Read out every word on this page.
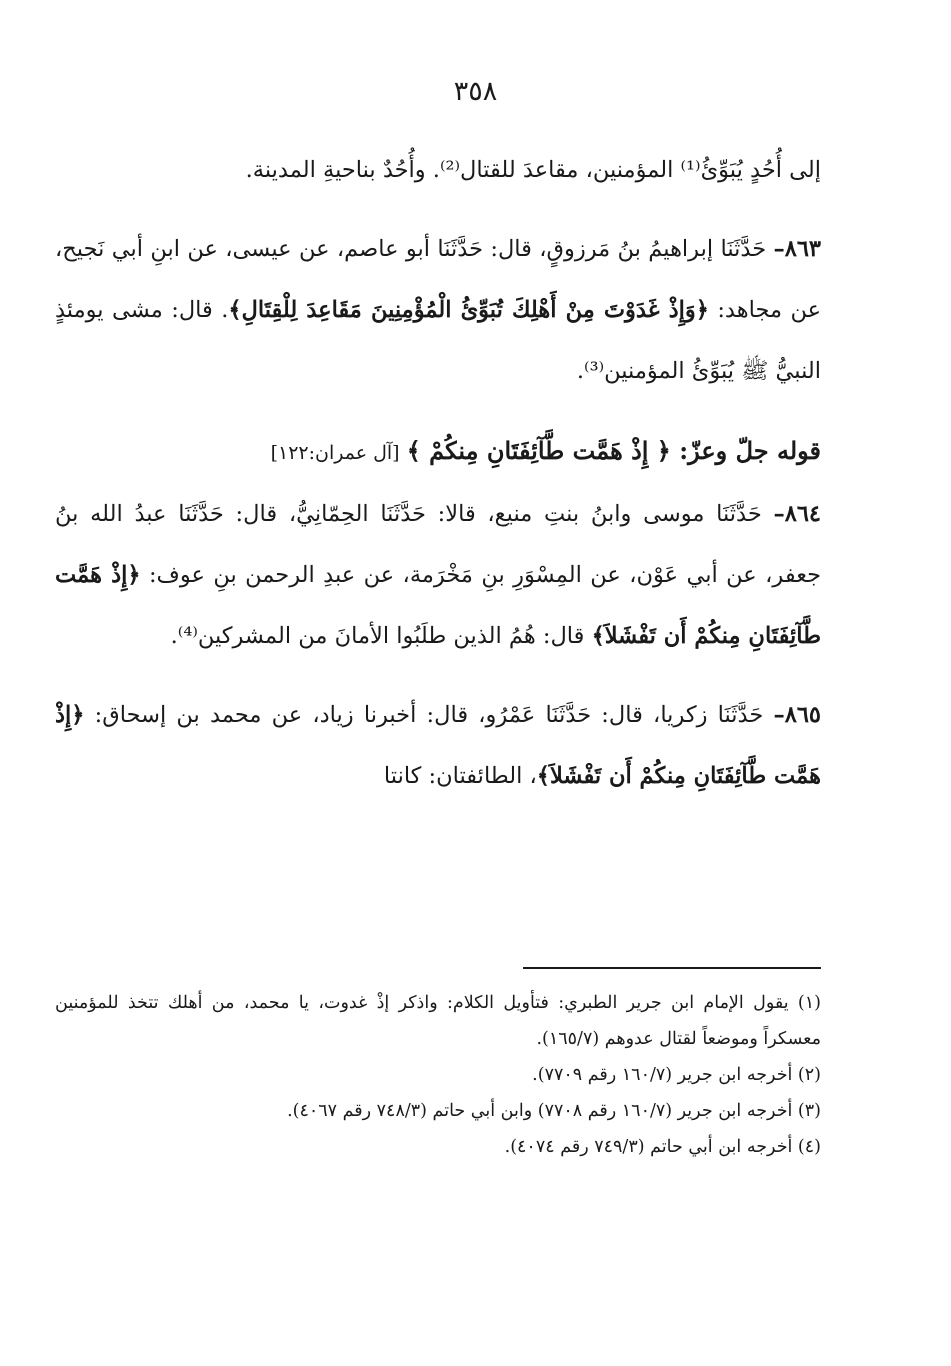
٣٥٨

إلى أُحُدٍ يُبَوِّئُ⁽¹⁾ المؤمنين، مقاعدَ للقتال⁽²⁾. وأُحُدٌ بناحيةِ المدينة.

٨٦٣– حَدَّثَنَا إبراهيمُ بنُ مَرزوقٍ، قال: حَدَّثَنَا أبو عاصم، عن عيسى، عن ابنِ أبي نَجيح، عن مجاهد: ﴿وَإِذْ غَدَوْتَ مِنْ أَهْلِكَ تُبَوِّئُ الْمُؤْمِنِينَ مَقَاعِدَ لِلْقِتَالِ﴾. قال: مشى يومئذٍ النبيُّ ﷺ يُبَوِّئُ المؤمنين⁽³⁾.

قوله جلّ وعزّ: ﴿ إِذْ هَمَّت طَّآئِفَتَانِ مِنكُمْ ﴾ [آل عمران:١٢٢]

٨٦٤– حَدَّثَنَا موسى وابنُ بنتِ منيع، قالا: حَدَّثَنَا الحِمّانِيُّ، قال: حَدَّثَنَا عبدُ الله بنُ جعفر، عن أبي عَوْن، عن المِسْوَرِ بنِ مَخْرَمة، عن عبدِ الرحمن بنِ عوف: ﴿إِذْ هَمَّت طَّآئِفَتَانِ مِنكُمْ أَن تَفْشَلاَ﴾ قال: هُمُ الذين طلَبُوا الأمانَ من المشركين⁽⁴⁾.

٨٦٥– حَدَّثَنَا زكريا، قال: حَدَّثَنَا عَمْرُو، قال: أخبرنا زياد، عن محمد بن إسحاق: ﴿إِذْ هَمَّت طَّآئِفَتَانِ مِنكُمْ أَن تَفْشَلاَ﴾، الطائفتان: كانتا

(١) يقول الإمام ابن جرير الطبري: فتأويل الكلام: واذكر إذْ غدوت، يا محمد، من أهلك تتخذ للمؤمنين معسكراً وموضعاً لقتال عدوهم (١٦٥/٧).

(٢) أخرجه ابن جرير (١٦٠/٧ رقم ٧٧٠٩).

(٣) أخرجه ابن جرير (١٦٠/٧ رقم ٧٧٠٨) وابن أبي حاتم (٧٤٨/٣ رقم ٤٠٦٧).

(٤) أخرجه ابن أبي حاتم (٧٤٩/٣ رقم ٤٠٧٤).
